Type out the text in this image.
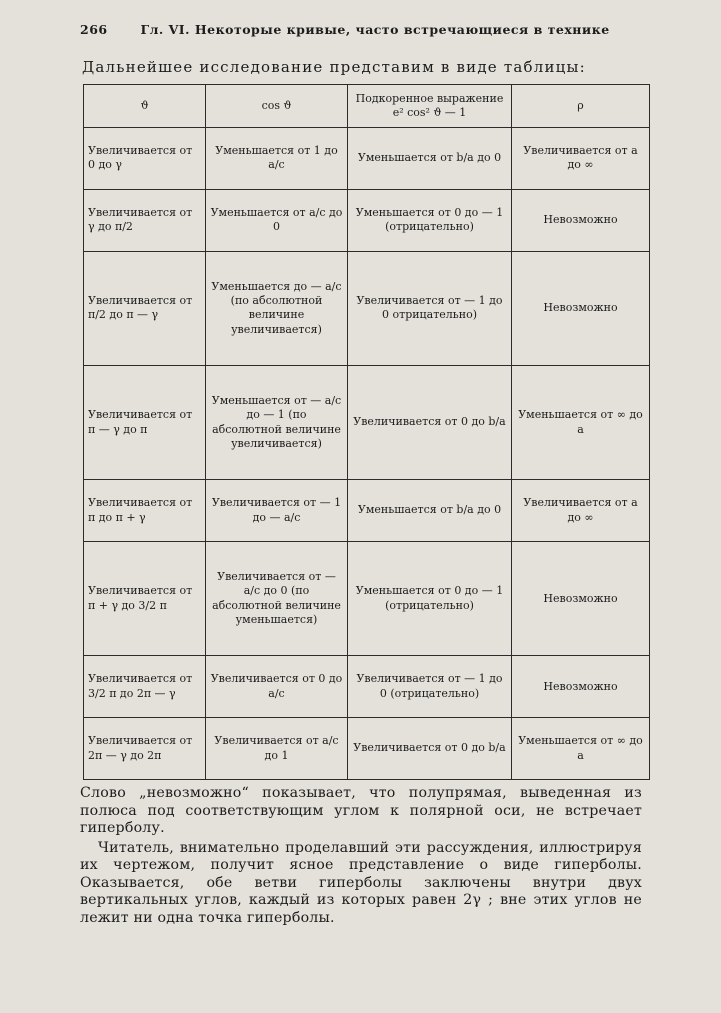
266	Гл. VI. Некоторые кривые, часто встречающиеся в технике
Дальнейшее исследование представим в виде таблицы:
ϑ	cos ϑ	Подкоренное выражение e² cos² ϑ — 1	ρ
Увеличивается от 0 до γ	Уменьшается от 1 до a/c	Уменьшается от b/a до 0	Увеличивается от a до ∞
Увеличивается от γ до π/2	Уменьшается от a/c до 0	Уменьшается от 0 до — 1 (отрицательно)	Невозможно
Увеличивается от π/2 до π — γ	Уменьшается до — a/c (по абсолютной величине увеличивается)	Увеличивается от — 1 до 0 отрицательно)	Невозможно
Увеличивается от π — γ до π	Уменьшается от — a/c до — 1 (по абсолютной величине увеличивается)	Увеличивается от 0 до b/a	Уменьшается от ∞ до a
Увеличивается от π до π + γ	Увеличивается от — 1 до — a/c	Уменьшается от b/a до 0	Увеличивается от a до ∞
Увеличивается от π + γ до 3/2 π	Увеличивается от — a/c до 0 (по абсолютной величине уменьшается)	Уменьшается от 0 до — 1 (отрицательно)	Невозможно
Увеличивается от 3/2 π до 2π — γ	Увеличивается от 0 до a/c	Увеличивается от — 1 до 0 (отрицательно)	Невозможно
Увеличивается от 2π — γ до 2π	Увеличивается от a/c до 1	Увеличивается от 0 до b/a	Уменьшается от ∞ до a

Слово „невозможно“ показывает, что полупрямая, выведенная из полюса под соответствующим углом к полярной оси, не встречает гиперболу.

Читатель, внимательно проделавший эти рассуждения, иллюстрируя их чертежом, получит ясное представление о виде гиперболы. Оказывается, обе ветви гиперболы заключены внутри двух вертикальных углов, каждый из которых равен 2γ ; вне этих углов не лежит ни одна точка гиперболы.
